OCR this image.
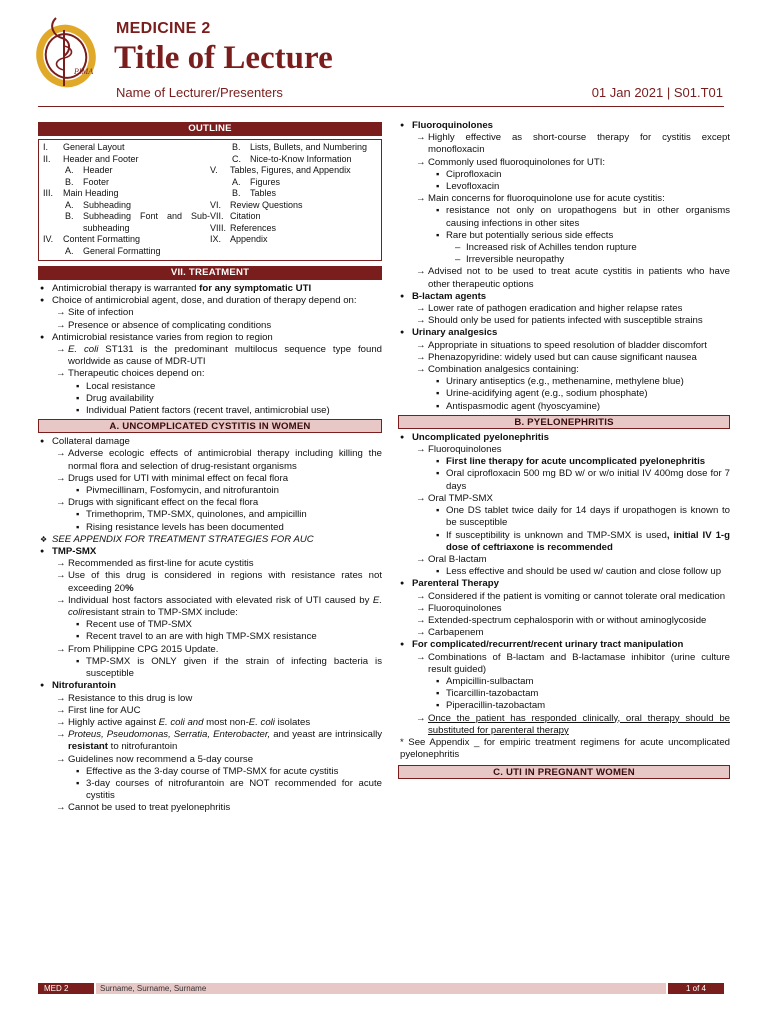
PIMA
MEDICINE 2
Title of Lecture
Name of Lecturer/Presenters	01 Jan 2021 | S01.T01
OUTLINE
I.	General Layout
II.	Header and Footer
A.	Header
B.	Footer
III.	Main Heading
A.	Subheading
B.	Subheading Font and Sub-subheading
IV.	Content Formatting
A.	General Formatting
B.	Lists, Bullets, and Numbering
C.	Nice-to-Know Information
V.	Tables, Figures, and Appendix
A.	Figures
B.	Tables
VI. Review Questions
VII. Citation
VIII. References
IX. Appendix
VII. TREATMENT
● Antimicrobial therapy is warranted for any symptomatic UTI
● Choice of antimicrobial agent, dose, and duration of therapy depend on:
→ Site of infection
→ Presence or absence of complicating conditions
● Antimicrobial resistance varies from region to region
→ E. coli ST131 is the predominant multilocus sequence type found worldwide as cause of MDR-UTI
→ Therapeutic choices depend on:
▪ Local resistance
▪ Drug availability
▪ Individual Patient factors (recent travel, antimicrobial use)
A. UNCOMPLICATED CYSTITIS IN WOMEN
● Collateral damage
→ Adverse ecologic effects of antimicrobial therapy including killing the normal flora and selection of drug-resistant organisms
→ Drugs used for UTI with minimal effect on fecal flora
▪ Pivmecillinam, Fosfomycin, and nitrofurantoin
→ Drugs with significant effect on the fecal flora
▪ Trimethoprim, TMP-SMX, quinolones, and ampicillin
▪ Rising resistance levels has been documented
❖ SEE APPENDIX FOR TREATMENT STRATEGIES FOR AUC
● TMP-SMX
→ Recommended as first-line for acute cystitis
→ Use of this drug is considered in regions with resistance rates not exceeding 20%
→ Individual host factors associated with elevated risk of UTI caused by E. coliresistant strain to TMP-SMX include:
▪ Recent use of TMP-SMX
▪ Recent travel to an are with high TMP-SMX resistance
→ From Philippine CPG 2015 Update.
▪ TMP-SMX is ONLY given if the strain of infecting bacteria is susceptible
● Nitrofurantoin
→ Resistance to this drug is low
→ First line for AUC
→ Highly active against E. coli and most non-E. coli isolates
→ Proteus, Pseudomonas, Serratia, Enterobacter, and yeast are intrinsically resistant to nitrofurantoin
→ Guidelines now recommend a 5-day course
▪ Effective as the 3-day course of TMP-SMX for acute cystitis
▪ 3-day courses of nitrofurantoin are NOT recommended for acute cystitis
→ Cannot be used to treat pyelonephritis
● Fluoroquinolones
→ Highly effective as short-course therapy for cystitis except monofloxacin
→ Commonly used fluoroquinolones for UTI:
▪ Ciprofloxacin
▪ Levofloxacin
→ Main concerns for fluoroquinolone use for acute cystitis:
▪ resistance not only on uropathogens but in other organisms causing infections in other sites
▪ Rare but potentially serious side effects
– Increased risk of Achilles tendon rupture
– Irreversible neuropathy
→ Advised not to be used to treat acute cystitis in patients who have other therapeutic options
● B-lactam agents
→ Lower rate of pathogen eradication and higher relapse rates
→ Should only be used for patients infected with susceptible strains
● Urinary analgesics
→ Appropriate in situations to speed resolution of bladder discomfort
→ Phenazopyridine: widely used but can cause significant nausea
→ Combination analgesics containing:
▪ Urinary antiseptics (e.g., methenamine, methylene blue)
▪ Urine-acidifying agent (e.g., sodium phosphate)
▪ Antispasmodic agent (hyoscyamine)
B. PYELONEPHRITIS
● Uncomplicated pyelonephritis
→ Fluoroquinolones
▪ First line therapy for acute uncomplicated pyelonephritis
▪ Oral ciprofloxacin 500 mg BD w/ or w/o initial IV 400mg dose for 7 days
→ Oral TMP-SMX
▪ One DS tablet twice daily for 14 days if uropathogen is known to be susceptible
▪ If susceptibility is unknown and TMP-SMX is used, initial IV 1-g dose of ceftriaxone is recommended
→ Oral B-lactam
▪ Less effective and should be used w/ caution and close follow up
● Parenteral Therapy
→ Considered if the patient is vomiting or cannot tolerate oral medication
→ Fluoroquinolones
→ Extended-spectrum cephalosporin with or without aminoglycoside
→ Carbapenem
● For complicated/recurrent/recent urinary tract manipulation
→ Combinations of B-lactam and B-lactamase inhibitor (urine culture result guided)
▪ Ampicillin-sulbactam
▪ Ticarcillin-tazobactam
▪ Piperacillin-tazobactam
→ Once the patient has responded clinically, oral therapy should be substituted for parenteral therapy
* See Appendix _ for empiric treatment regimens for acute uncomplicated pyelonephritis
C. UTI IN PREGNANT WOMEN
MED 2	Surname, Surname, Surname	1 of 4
